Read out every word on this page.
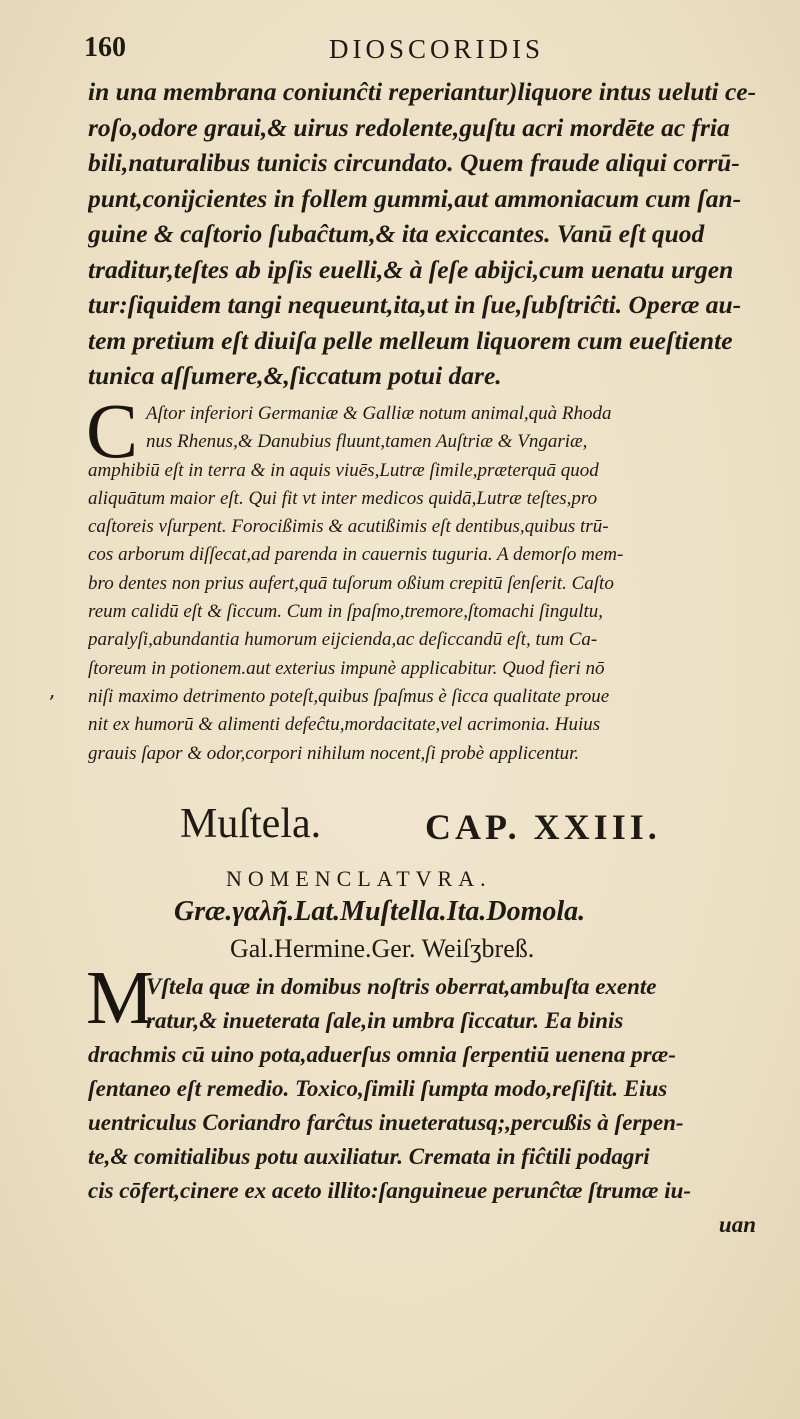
160	DIOSCORIDIS
in una membrana coniunĉti reperiantur)liquore intus ueluti ce-
roſo,odore graui,& uirus redolente,guſtu acri mordēte ac fria
bili,naturalibus tunicis circundato. Quem fraude aliqui corrū-
punt,conijcientes in follem gummi,aut ammoniacum cum ſan-
guine & caſtorio ſubaĉtum,& ita exiccantes. Vanū eſt quod
traditur,teſtes ab ipſis euelli,& à ſeſe abijci,cum uenatu urgen
tur:ſiquidem tangi nequeunt,ita,ut in ſue,ſubſtriĉti. Operæ au-
tem pretium eſt diuiſa pelle melleum liquorem cum eueſtiente
tunica aſſumere,&,ſiccatum potui dare.
C Aſtor inferiori Germaniæ & Galliæ notum animal,quà Rhoda
nus Rhenus,& Danubius fluunt,tamen Auſtriæ & Vngariæ,
amphibiū eſt in terra & in aquis viuēs,Lutræ ſimile,præterquā quod
aliquātum maior eſt. Qui fit vt inter medicos quidā,Lutræ teſtes,pro
caſtoreis vſurpent. Forocißimis & acutißimis eſt dentibus,quibus trū-
cos arborum diſſecat,ad parenda in cauernis tuguria. A demorſo mem-
bro dentes non prius aufert,quā tuſorum oßium crepitū ſenſerit. Caſto
reum calidū eſt & ſiccum. Cum in ſpaſmo,tremore,ſtomachi ſingultu,
paralyſi,abundantia humorum eijcienda,ac deſiccandū eſt, tum Ca-
ſtoreum in potionem.aut exterius impunè applicabitur. Quod fieri nō
niſi maximo detrimento poteſt,quibus ſpaſmus è ſicca qualitate proue
nit ex humorū & alimenti defeĉtu,mordacitate,vel acrimonia. Huius
grauis ſapor & odor,corpori nihilum nocent,ſi probè applicentur.
,
Muſtela.	CAP. XXIII.
NOMENCLATVRA.
Græ.γαλῆ.Lat.Muſtella.Ita.Domola.
Gal.Hermine.Ger. Weiſʒbreß.
M
Vſtela quæ in domibus noſtris oberrat,ambuſta exente
ratur,& inueterata ſale,in umbra ſiccatur. Ea binis
drachmis cū uino pota,aduerſus omnia ſerpentiū uenena præ-
ſentaneo eſt remedio. Toxico,ſimili ſumpta modo,reſiſtit. Eius
uentriculus Coriandro farĉtus inueteratusq;,percußis à ſerpen-
te,& comitialibus potu auxiliatur. Cremata in fiĉtili podagri
cis cōfert,cinere ex aceto illito:ſanguineue perunĉtæ ſtrumæ iu-
uan
